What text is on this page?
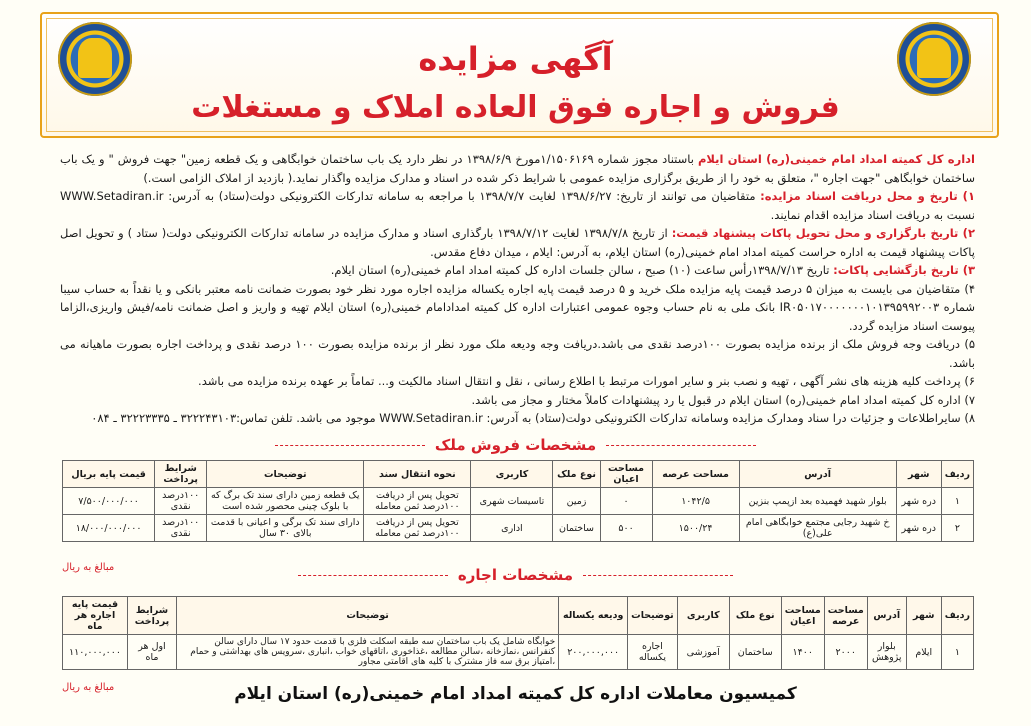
آگهی مزایده
فروش و اجاره فوق العاده املاک و مستغلات

اداره کل کمیته امداد امام خمینی(ره) استان ایلام باستناد مجوز شماره ۱/۱۵۰۶۱۶۹مورخ ۱۳۹۸/۶/۹ در نظر دارد یک باب ساختمان خوابگاهی و یک قطعه زمین" جهت فروش " و یک باب ساختمان خوابگاهی "جهت اجاره "، متعلق به خود را از طریق برگزاری مزایده عمومی با شرایط ذکر شده در اسناد و مدارک مزایده واگذار نماید.( بازدید از املاک الزامی است.)

۱) تاریخ و محل دریافت اسناد مزایده: متقاضیان می توانند از تاریخ: ۱۳۹۸/۶/۲۷ لغایت ۱۳۹۸/۷/۷ با مراجعه به سامانه تدارکات الکترونیکی دولت(ستاد) به آدرس: WWW.Setadiran.ir نسبت به دریافت اسناد مزایده اقدام نمایند.

۲) تاریخ بارگزاری و محل تحویل پاکات پیشنهاد قیمت: از تاریخ ۱۳۹۸/۷/۸ لغایت ۱۳۹۸/۷/۱۲ بارگذاری اسناد و مدارک مزایده در سامانه تدارکات الکترونیکی دولت( ستاد ) و تحویل اصل پاکات پیشنهاد قیمت به اداره حراست کمیته امداد امام خمینی(ره) استان ایلام، به آدرس: ایلام ، میدان دفاع مقدس.

۳) تاریخ بازگشایی پاکات: تاریخ ۱۳۹۸/۷/۱۳رأس ساعت (۱۰) صبح ، سالن جلسات اداره کل کمیته امداد امام خمینی(ره) استان ایلام.

۴) متقاضیان می بایست به میزان ۵ درصد قیمت پایه مزایده ملک خرید و ۵ درصد قیمت پایه اجاره یکساله مزایده اجاره مورد نظر خود بصورت ضمانت نامه معتبر بانکی و یا نقداً به حساب سیبا شماره IR۰۵۰۱۷۰۰۰۰۰۰۰۱۰۱۳۹۵۹۹۲۰۰۳ بانک ملی به نام حساب وجوه عمومی اعتبارات اداره کل کمیته امدادامام خمینی(ره) استان ایلام تهیه و واریز و اصل ضمانت نامه/فیش واریزی،الزاما پیوست اسناد مزایده گردد.

۵) دریافت وجه فروش ملک از برنده مزایده بصورت ۱۰۰درصد نقدی می باشد.دریافت وجه ودیعه ملک مورد نظر از برنده مزایده بصورت ۱۰۰ درصد نقدی و پرداخت اجاره بصورت ماهیانه می باشد.

۶) پرداخت کلیه هزینه های نشر آگهی ، تهیه و نصب بنر و سایر امورات مرتبط با اطلاع رسانی ، نقل و انتقال اسناد مالکیت و... تماماً بر عهده برنده مزایده می باشد.

۷) اداره کل کمیته امداد امام خمینی(ره) استان ایلام در قبول یا رد پیشنهادات کاملاً مختار و مجاز می باشد.

۸) سایراطلاعات و جزئیات درا سناد ومدارک مزایده وسامانه تدارکات الکترونیکی دولت(ستاد) به آدرس: WWW.Setadiran.ir موجود می باشد. تلفن تماس:۳۲۲۲۴۳۱۰۳ ـ ۳۲۲۲۳۳۳۵ ـ ۰۸۴

مشخصات فروش ملک
ردیف	شهر	آدرس	مساحت عرصه	مساحت اعیان	نوع ملک	کاربری	نحوه انتقال سند	توضیحات	شرایط پرداخت	قیمت پایه بریال
۱	دره شهر	بلوار شهید فهمیده بعد ازپمپ بنزین	۱۰۴۲/۵	۰	زمین	تاسیسات شهری	تحویل پس از دریافت ۱۰۰درصد ثمن معامله	یک قطعه زمین دارای سند تک برگ که با بلوک چینی محصور شده است	۱۰۰درصد نقدی	۷/۵۰۰/۰۰۰/۰۰۰
۲	دره شهر	خ شهید رجایی مجتمع خوابگاهی امام علی(ع)	۱۵۰۰/۲۴	۵۰۰	ساختمان	اداری	تحویل پس از دریافت ۱۰۰درصد ثمن معامله	دارای سند تک برگی و اعیانی با قدمت بالای ۳۰ سال	۱۰۰درصد نقدی	۱۸/۰۰۰/۰۰۰/۰۰۰
مبالغ به ریال	مشخصات اجاره
ردیف	شهر	آدرس	مساحت عرصه	مساحت اعیان	نوع ملک	کاربری	توضیحات	ودیعه یکساله	توضیحات	شرایط پرداخت	قیمت پایه اجاره هر ماه
۱	ایلام	بلوار پژوهش	۲۰۰۰	۱۴۰۰	ساختمان	آموزشی	اجاره یکساله	۲۰۰,۰۰۰,۰۰۰	خوابگاه شامل یک باب ساختمان سه طبقه اسکلت فلزی با قدمت حدود ۱۷ سال دارای سالن کنفرانس ،نمازخانه ،سالن مطالعه ،غذاخوری ،اتاقهای خواب ،انباری ،سرویس های بهداشتی و حمام ،امتیاز برق سه فاز مشترک با کلیه های اقامتی مجاور	اول هر ماه	۱۱۰,۰۰۰,۰۰۰
مبالغ به ریال	کمیسیون معاملات اداره کل کمیته امداد امام خمینی(ره) استان ایلام
